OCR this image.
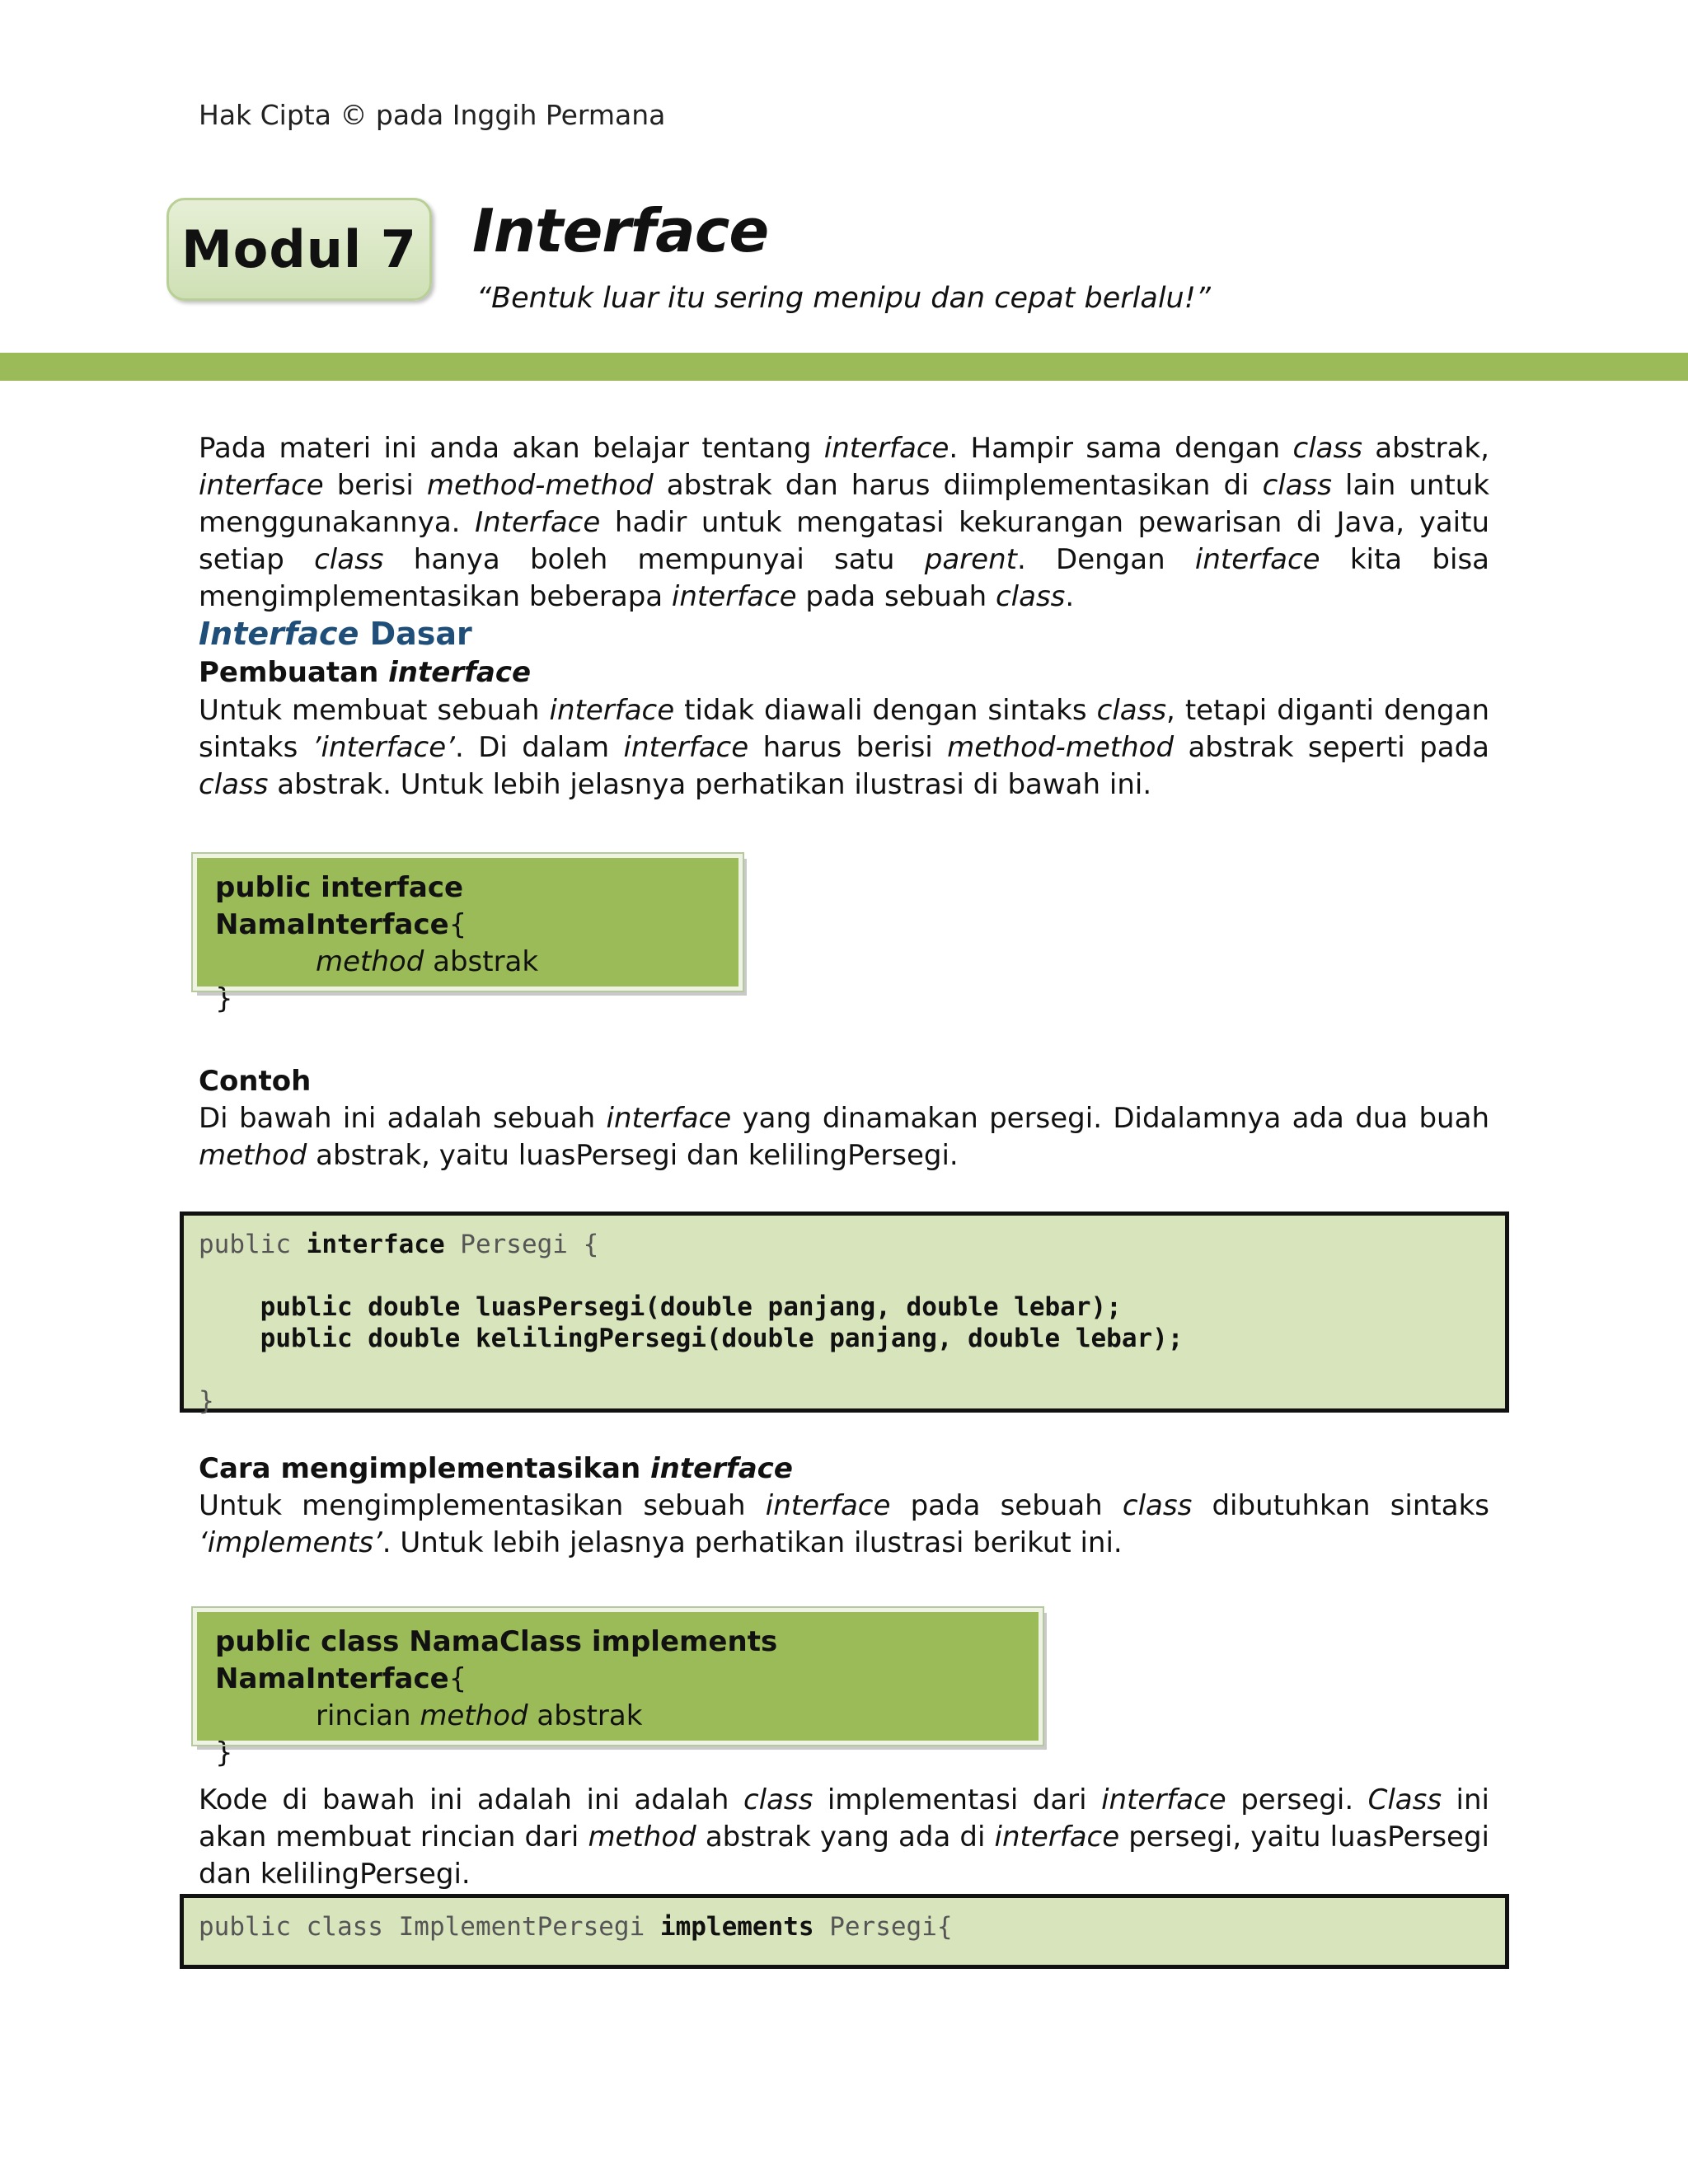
Hak Cipta © pada Inggih Permana
Modul 7 Interface
“Bentuk luar itu sering menipu dan cepat berlalu!”
Pada materi ini anda akan belajar tentang interface. Hampir sama dengan class abstrak, interface berisi method-method abstrak dan harus diimplementasikan di class lain untuk menggunakannya. Interface hadir untuk mengatasi kekurangan pewarisan di Java, yaitu setiap class hanya boleh mempunyai satu parent. Dengan interface kita bisa mengimplementasikan beberapa interface pada sebuah class.
Interface Dasar
Pembuatan interface
Untuk membuat sebuah interface tidak diawali dengan sintaks class, tetapi diganti dengan sintaks ’interface’. Di dalam interface harus berisi method-method abstrak seperti pada class abstrak. Untuk lebih jelasnya perhatikan ilustrasi di bawah ini.
public interface NamaInterface{
method abstrak
}
Contoh
Di bawah ini adalah sebuah interface yang dinamakan persegi. Didalamnya ada dua buah method abstrak, yaitu luasPersegi dan kelilingPersegi.
public interface Persegi {
public double luasPersegi(double panjang, double lebar);
public double kelilingPersegi(double panjang, double lebar);
}
Cara mengimplementasikan interface
Untuk mengimplementasikan sebuah interface pada sebuah class dibutuhkan sintaks ‘implements’. Untuk lebih jelasnya perhatikan ilustrasi berikut ini.
public class NamaClass implements NamaInterface{
rincian method abstrak
}
Kode di bawah ini adalah ini adalah class implementasi dari interface persegi. Class ini akan membuat rincian dari method abstrak yang ada di interface persegi, yaitu luasPersegi dan kelilingPersegi.
public class ImplementPersegi implements Persegi{
